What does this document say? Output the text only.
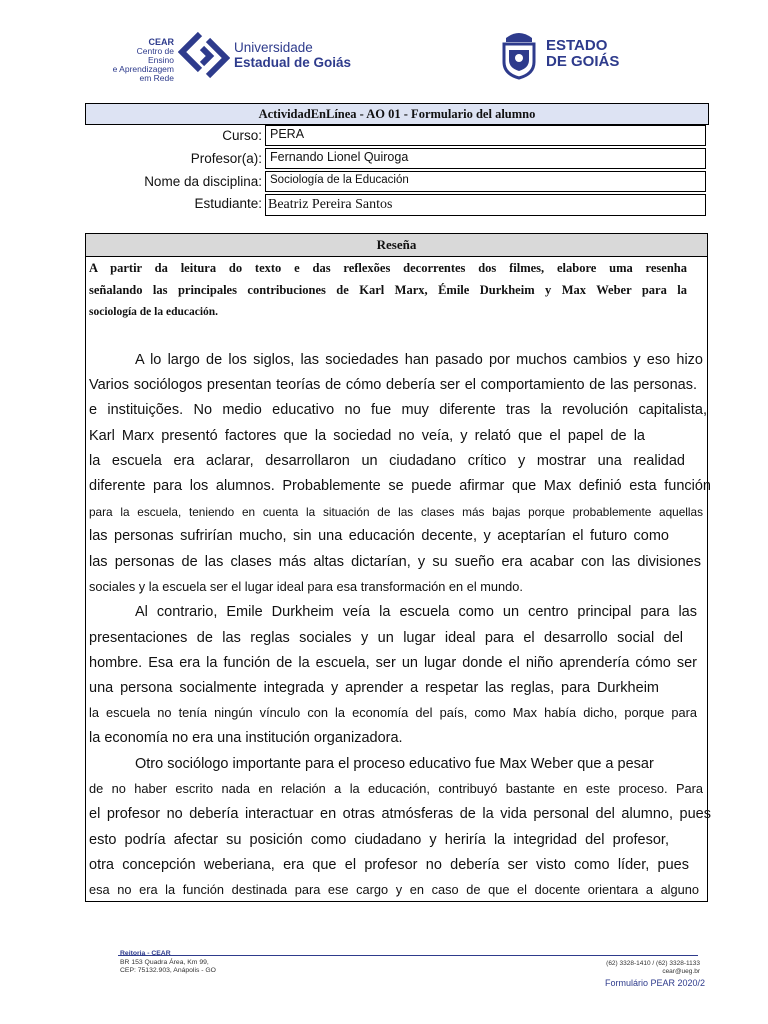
CEAR
Centro de Ensino
e Aprendizagem
em Rede
Universidade
Estadual de Goiás
ESTADO
DE GOIÁS
ActividadEnLínea - AO 01 - Formulario del alumno
Curso: PERA
Profesor(a): Fernando Lionel Quiroga
Nome da disciplina: Sociología de la Educación
Estudiante: Beatriz Pereira Santos
Reseña
A partir da leitura do texto e das reflexões decorrentes dos filmes, elabore uma resenha
señalando las principales contribuciones de Karl Marx, Émile Durkheim y Max Weber para la
sociología de la educación.
A lo largo de los siglos, las sociedades han pasado por muchos cambios y eso hizo
Varios sociólogos presentan teorías de cómo debería ser el comportamiento de las personas.
e instituições. No medio educativo no fue muy diferente tras la revolución capitalista,
Karl Marx presentó factores que la sociedad no veía, y relató que el papel de la
la escuela era aclarar, desarrollaron un ciudadano crítico y mostrar una realidad
diferente para los alumnos. Probablemente se puede afirmar que Max definió esta función
para la escuela, teniendo en cuenta la situación de las clases más bajas porque probablemente aquellas
las personas sufrirían mucho, sin una educación decente, y aceptarían el futuro como
las personas de las clases más altas dictarían, y su sueño era acabar con las divisiones
sociales y la escuela ser el lugar ideal para esa transformación en el mundo.
Al contrario, Emile Durkheim veía la escuela como un centro principal para las
presentaciones de las reglas sociales y un lugar ideal para el desarrollo social del
hombre. Esa era la función de la escuela, ser un lugar donde el niño aprendería cómo ser
una persona socialmente integrada y aprender a respetar las reglas, para Durkheim
la escuela no tenía ningún vínculo con la economía del país, como Max había dicho, porque para
la economía no era una institución organizadora.
Otro sociólogo importante para el proceso educativo fue Max Weber que a pesar
de no haber escrito nada en relación a la educación, contribuyó bastante en este proceso. Para
el profesor no debería interactuar en otras atmósferas de la vida personal del alumno, pues
esto podría afectar su posición como ciudadano y heriría la integridad del profesor,
otra concepción weberiana, era que el profesor no debería ser visto como líder, pues
esa no era la función destinada para ese cargo y en caso de que el docente orientara a alguno
Reitoria - CEAR
BR 153 Quadra Área, Km 99,
CEP: 75132.903, Anápolis - GO
(62) 3328-1410 / (62) 3328-1133
cear@ueg.br
Formulário PEAR 2020/2
